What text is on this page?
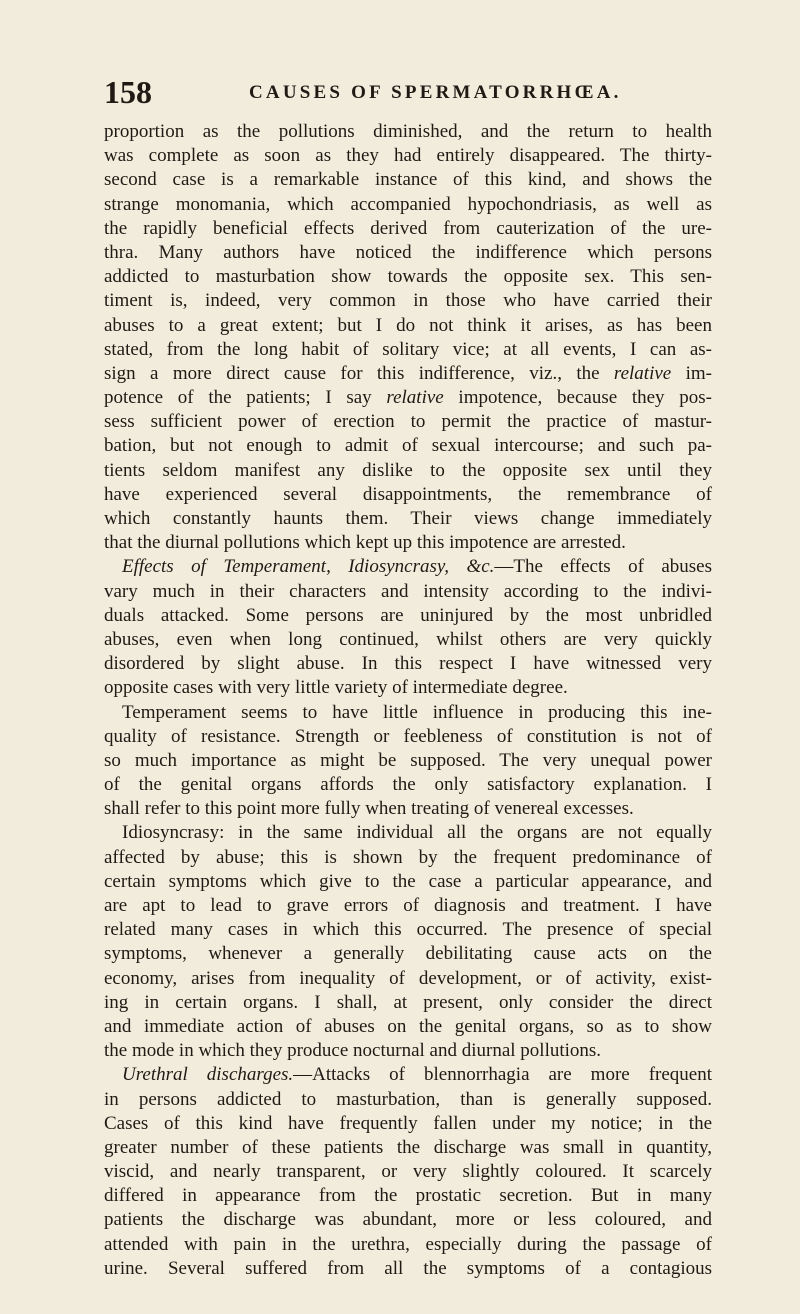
158	CAUSES OF SPERMATORRHŒA.
proportion as the pollutions diminished, and the return to health
was complete as soon as they had entirely disappeared. The thirty-
second case is a remarkable instance of this kind, and shows the
strange monomania, which accompanied hypochondriasis, as well as
the rapidly beneficial effects derived from cauterization of the ure-
thra. Many authors have noticed the indifference which persons
addicted to masturbation show towards the opposite sex. This sen-
timent is, indeed, very common in those who have carried their
abuses to a great extent; but I do not think it arises, as has been
stated, from the long habit of solitary vice; at all events, I can as-
sign a more direct cause for this indifference, viz., the relative im-
potence of the patients; I say relative impotence, because they pos-
sess sufficient power of erection to permit the practice of mastur-
bation, but not enough to admit of sexual intercourse; and such pa-
tients seldom manifest any dislike to the opposite sex until they
have experienced several disappointments, the remembrance of
which constantly haunts them. Their views change immediately
that the diurnal pollutions which kept up this impotence are arrested.
Effects of Temperament, Idiosyncrasy, &c.—The effects of abuses
vary much in their characters and intensity according to the indivi-
duals attacked. Some persons are uninjured by the most unbridled
abuses, even when long continued, whilst others are very quickly
disordered by slight abuse. In this respect I have witnessed very
opposite cases with very little variety of intermediate degree.
Temperament seems to have little influence in producing this ine-
quality of resistance. Strength or feebleness of constitution is not of
so much importance as might be supposed. The very unequal power
of the genital organs affords the only satisfactory explanation. I
shall refer to this point more fully when treating of venereal excesses.
Idiosyncrasy: in the same individual all the organs are not equally
affected by abuse; this is shown by the frequent predominance of
certain symptoms which give to the case a particular appearance, and
are apt to lead to grave errors of diagnosis and treatment. I have
related many cases in which this occurred. The presence of special
symptoms, whenever a generally debilitating cause acts on the
economy, arises from inequality of development, or of activity, exist-
ing in certain organs. I shall, at present, only consider the direct
and immediate action of abuses on the genital organs, so as to show
the mode in which they produce nocturnal and diurnal pollutions.
Urethral discharges.—Attacks of blennorrhagia are more frequent
in persons addicted to masturbation, than is generally supposed.
Cases of this kind have frequently fallen under my notice; in the
greater number of these patients the discharge was small in quantity,
viscid, and nearly transparent, or very slightly coloured. It scarcely
differed in appearance from the prostatic secretion. But in many
patients the discharge was abundant, more or less coloured, and
attended with pain in the urethra, especially during the passage of
urine. Several suffered from all the symptoms of a contagious
